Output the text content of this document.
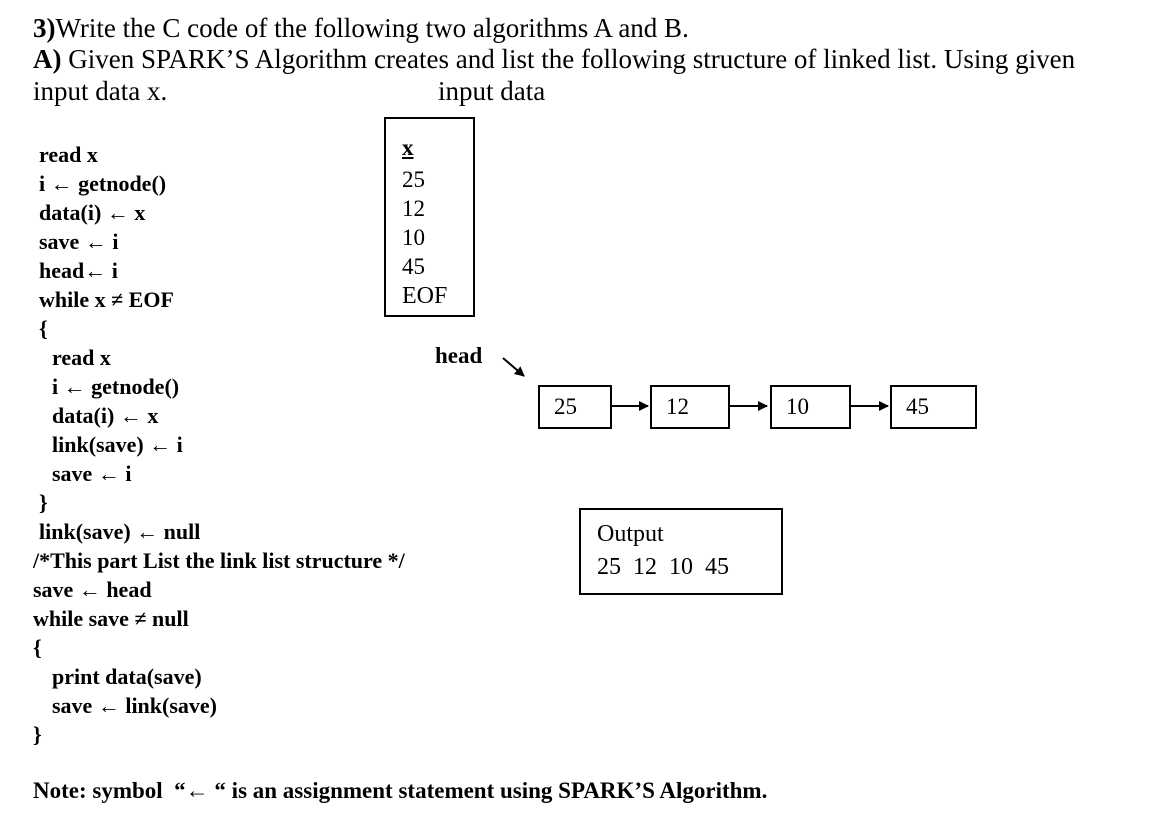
3)Write the C code of the following two algorithms A and B.
A) Given SPARK’S Algorithm creates and list the following structure of linked list. Using given
input data x.	input data
read x
i ← getnode()
data(i) ← x
save ← i
head← i
while x ≠ EOF
{
read x
i ← getnode()
data(i) ← x
link(save) ← i
save ← i
}
link(save) ← null
/*This part List the link list structure */
save ← head
while save ≠ null
{
print data(save)
save ← link(save)
}
x
25
12
10
45
EOF
head
25	12	10	45
Output
25  12  10  45
Note: symbol  “← “ is an assignment statement using SPARK’S Algorithm.
